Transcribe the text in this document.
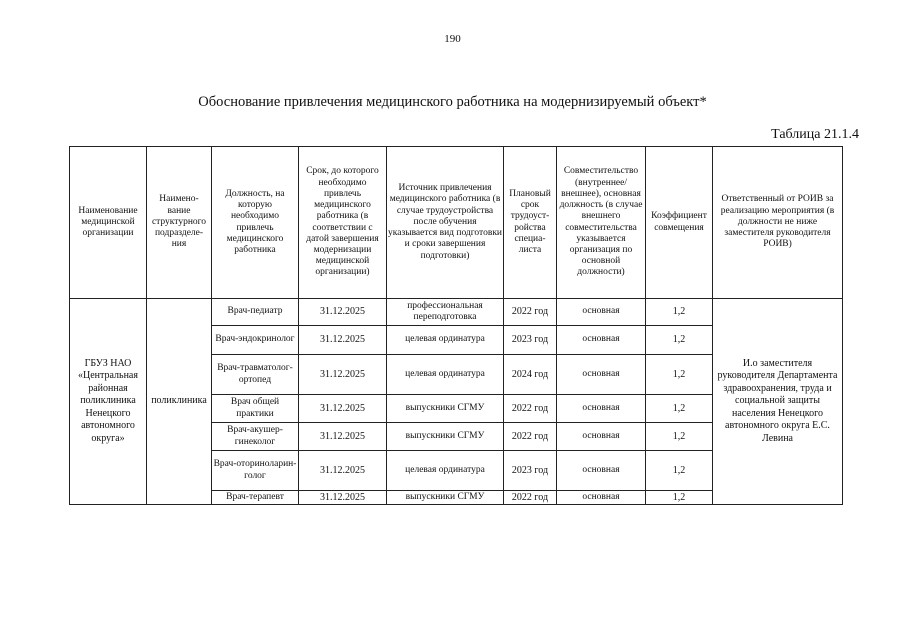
190
Обоснование привлечения медицинского работника на модернизируемый объект*
Таблица 21.1.4
Наименование медицинской организации	Наимено-вание структурного подразделе-ния	Должность, на которую необходимо привлечь медицинского работника	Срок, до которого необходимо привлечь медицинского работника (в соответствии с датой завершения модернизации медицинской организации)	Источник привлечения медицинского работника (в случае трудоустройства после обучения указывается вид подготовки и сроки завершения подготовки)	Плановый срок трудоуст-ройства специа-листа	Совместительство (внутреннее/ внешнее), основная должность (в случае внешнего совместительства указывается организация по основной должности)	Коэффициент совмещения	Ответственный от РОИВ за реализацию мероприятия (в должности не ниже заместителя руководителя РОИВ)
ГБУЗ НАО «Центральная районная поликлиника Ненецкого автономного округа»	поликлиника	Врач-педиатр	31.12.2025	профессиональная переподготовка	2022 год	основная	1,2	И.о заместителя руководителя Департамента здравоохранения, труда и социальной защиты населения Ненецкого автономного округа Е.С. Левина
		Врач-эндокринолог	31.12.2025	целевая ординатура	2023 год	основная	1,2	
		Врач-травматолог-ортопед	31.12.2025	целевая ординатура	2024 год	основная	1,2	
		Врач общей практики	31.12.2025	выпускники СГМУ	2022 год	основная	1,2	
		Врач-акушер-гинеколог	31.12.2025	выпускники СГМУ	2022 год	основная	1,2	
		Врач-оториноларин-голог	31.12.2025	целевая ординатура	2023 год	основная	1,2	
		Врач-терапевт	31.12.2025	выпускники СГМУ	2022 год	основная	1,2	
